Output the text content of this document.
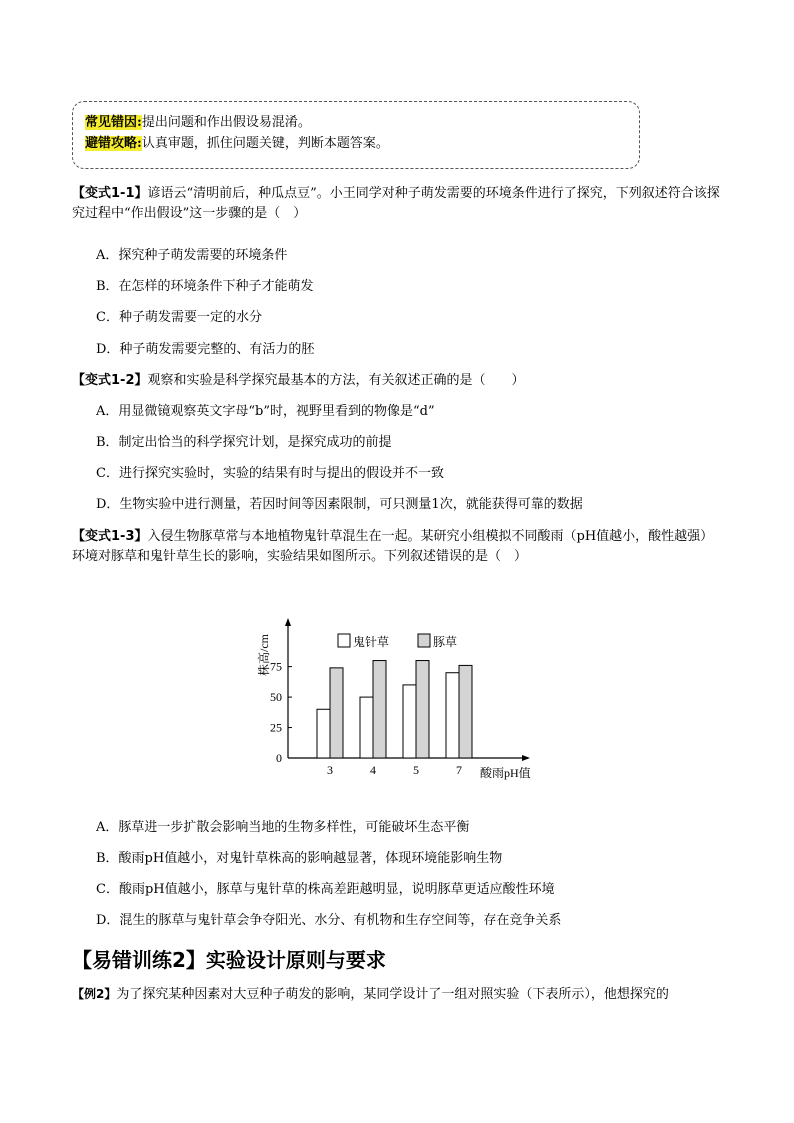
常见错因:提出问题和作出假设易混淆。
避错攻略:认真审题，抓住问题关键，判断本题答案。
【变式1-1】谚语云“清明前后，种瓜点豆”。小王同学对种子萌发需要的环境条件进行了探究，下列叙述符合该探究过程中“作出假设”这一步骤的是（　）
A．探究种子萌发需要的环境条件
B．在怎样的环境条件下种子才能萌发
C．种子萌发需要一定的水分
D．种子萌发需要完整的、有活力的胚
【变式1-2】观察和实验是科学探究最基本的方法，有关叙述正确的是（　　）
A．用显微镜观察英文字母“b”时，视野里看到的物像是“d”
B．制定出恰当的科学探究计划，是探究成功的前提
C．进行探究实验时，实验的结果有时与提出的假设并不一致
D．生物实验中进行测量，若因时间等因素限制，可只测量1次，就能获得可靠的数据
【变式1-3】入侵生物豚草常与本地植物鬼针草混生在一起。某研究小组模拟不同酸雨（pH值越小，酸性越强）环境对豚草和鬼针草生长的影响，实验结果如图所示。下列叙述错误的是（　）
株高/cm
0
25
50
75
3	4	5	7 酸雨pH值
鬼针草	豚草
A．豚草进一步扩散会影响当地的生物多样性，可能破坏生态平衡
B．酸雨pH值越小，对鬼针草株高的影响越显著，体现环境能影响生物
C．酸雨pH值越小，豚草与鬼针草的株高差距越明显，说明豚草更适应酸性环境
D．混生的豚草与鬼针草会争夺阳光、水分、有机物和生存空间等，存在竞争关系
【易错训练2】实验设计原则与要求
【例2】为了探究某种因素对大豆种子萌发的影响，某同学设计了一组对照实验（下表所示），他想探究的
